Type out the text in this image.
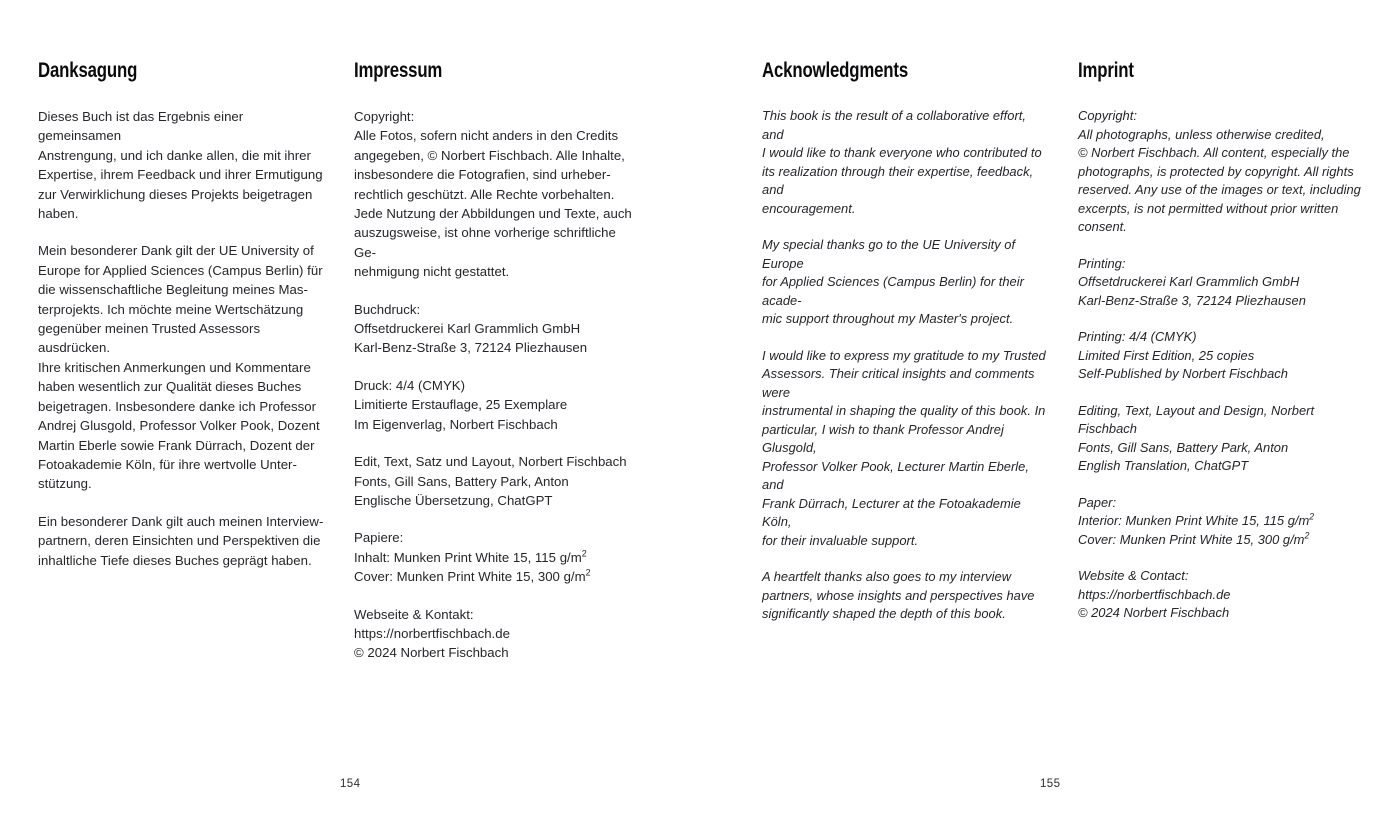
Danksagung

Dieses Buch ist das Ergebnis einer gemeinsamen
Anstrengung, und ich danke allen, die mit ihrer
Expertise, ihrem Feedback und ihrer Ermutigung
zur Verwirklichung dieses Projekts beigetragen
haben.

Mein besonderer Dank gilt der UE University of
Europe for Applied Sciences (Campus Berlin) für
die wissenschaftliche Begleitung meines Mas-
terprojekts. Ich möchte meine Wertschätzung
gegenüber meinen Trusted Assessors ausdrücken.
Ihre kritischen Anmerkungen und Kommentare
haben wesentlich zur Qualität dieses Buches
beigetragen. Insbesondere danke ich Professor
Andrej Glusgold, Professor Volker Pook, Dozent
Martin Eberle sowie Frank Dürrach, Dozent der
Fotoakademie Köln, für ihre wertvolle Unter-
stützung.

Ein besonderer Dank gilt auch meinen Interview-
partnern, deren Einsichten und Perspektiven die
inhaltliche Tiefe dieses Buches geprägt haben.

Impressum

Copyright:
Alle Fotos, sofern nicht anders in den Credits
angegeben, © Norbert Fischbach. Alle Inhalte,
insbesondere die Fotografien, sind urheber-
rechtlich geschützt. Alle Rechte vorbehalten.
Jede Nutzung der Abbildungen und Texte, auch
auszugsweise, ist ohne vorherige schriftliche Ge-
nehmigung nicht gestattet.

Buchdruck:
Offsetdruckerei Karl Grammlich GmbH
Karl-Benz-Straße 3, 72124 Pliezhausen

Druck: 4/4 (CMYK)
Limitierte Erstauflage, 25 Exemplare
Im Eigenverlag, Norbert Fischbach

Edit, Text, Satz und Layout, Norbert Fischbach
Fonts, Gill Sans, Battery Park, Anton
Englische Übersetzung, ChatGPT

Papiere:
Inhalt: Munken Print White 15, 115 $g/m^2$
Cover: Munken Print White 15, 300 $g/m^2$

Webseite & Kontakt:
https://norbertfischbach.de
© 2024 Norbert Fischbach

154
Acknowledgments

This book is the result of a collaborative effort, and
I would like to thank everyone who contributed to
its realization through their expertise, feedback, and
encouragement.

My special thanks go to the UE University of Europe
for Applied Sciences (Campus Berlin) for their acade-
mic support throughout my Master's project.

I would like to express my gratitude to my Trusted
Assessors. Their critical insights and comments were
instrumental in shaping the quality of this book. In
particular, I wish to thank Professor Andrej Glusgold,
Professor Volker Pook, Lecturer Martin Eberle, and
Frank Dürrach, Lecturer at the Fotoakademie Köln,
for their invaluable support.

A heartfelt thanks also goes to my interview
partners, whose insights and perspectives have
significantly shaped the depth of this book.

Imprint

Copyright:
All photographs, unless otherwise credited,
© Norbert Fischbach. All content, especially the
photographs, is protected by copyright. All rights
reserved. Any use of the images or text, including
excerpts, is not permitted without prior written
consent.

Printing:
Offsetdruckerei Karl Grammlich GmbH
Karl-Benz-Straße 3, 72124 Pliezhausen

Printing: 4/4 (CMYK)
Limited First Edition, 25 copies
Self-Published by Norbert Fischbach

Editing, Text, Layout and Design, Norbert Fischbach
Fonts, Gill Sans, Battery Park, Anton
English Translation, ChatGPT

Paper:
Interior: Munken Print White 15, 115 $g/m^2$
Cover: Munken Print White 15, 300 $g/m^2$

Website & Contact:
https://norbertfischbach.de
© 2024 Norbert Fischbach

155
